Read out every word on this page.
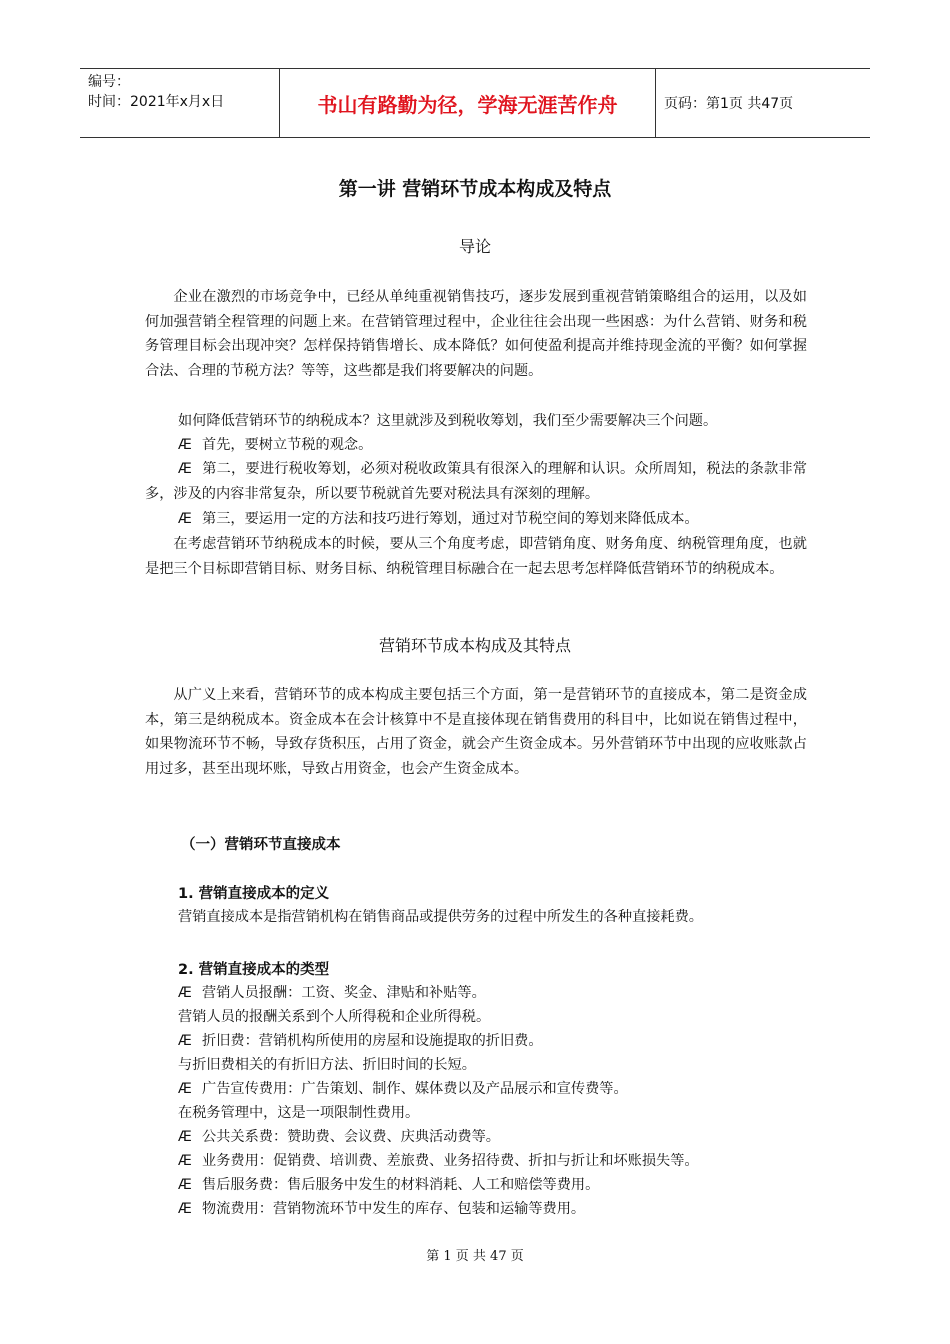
编号：
时间：2021年x月x日	书山有路勤为径，学海无涯苦作舟	页码：第1页 共47页
第一讲 营销环节成本构成及特点
导论
企业在激烈的市场竞争中，已经从单纯重视销售技巧，逐步发展到重视营销策略组合的运用，以及如何加强营销全程管理的问题上来。在营销管理过程中，企业往往会出现一些困惑：为什么营销、财务和税务管理目标会出现冲突？怎样保持销售增长、成本降低？如何使盈利提高并维持现金流的平衡？如何掌握合法、合理的节税方法？等等，这些都是我们将要解决的问题。
如何降低营销环节的纳税成本？这里就涉及到税收筹划，我们至少需要解决三个问题。
Æ 首先，要树立节税的观念。
Æ 第二，要进行税收筹划，必须对税收政策具有很深入的理解和认识。众所周知，税法的条款非常多，涉及的内容非常复杂，所以要节税就首先要对税法具有深刻的理解。
Æ 第三，要运用一定的方法和技巧进行筹划，通过对节税空间的筹划来降低成本。
在考虑营销环节纳税成本的时候，要从三个角度考虑，即营销角度、财务角度、纳税管理角度，也就是把三个目标即营销目标、财务目标、纳税管理目标融合在一起去思考怎样降低营销环节的纳税成本。
营销环节成本构成及其特点
从广义上来看，营销环节的成本构成主要包括三个方面，第一是营销环节的直接成本，第二是资金成本，第三是纳税成本。资金成本在会计核算中不是直接体现在销售费用的科目中，比如说在销售过程中，如果物流环节不畅，导致存货积压，占用了资金，就会产生资金成本。另外营销环节中出现的应收账款占用过多，甚至出现坏账，导致占用资金，也会产生资金成本。
（一）营销环节直接成本
1. 营销直接成本的定义
营销直接成本是指营销机构在销售商品或提供劳务的过程中所发生的各种直接耗费。
2. 营销直接成本的类型
Æ 营销人员报酬：工资、奖金、津贴和补贴等。
营销人员的报酬关系到个人所得税和企业所得税。
Æ 折旧费：营销机构所使用的房屋和设施提取的折旧费。
与折旧费相关的有折旧方法、折旧时间的长短。
Æ 广告宣传费用：广告策划、制作、媒体费以及产品展示和宣传费等。
在税务管理中，这是一项限制性费用。
Æ 公共关系费：赞助费、会议费、庆典活动费等。
Æ 业务费用：促销费、培训费、差旅费、业务招待费、折扣与折让和坏账损失等。
Æ 售后服务费：售后服务中发生的材料消耗、人工和赔偿等费用。
Æ 物流费用：营销物流环节中发生的库存、包装和运输等费用。
第 1 页 共 47 页
